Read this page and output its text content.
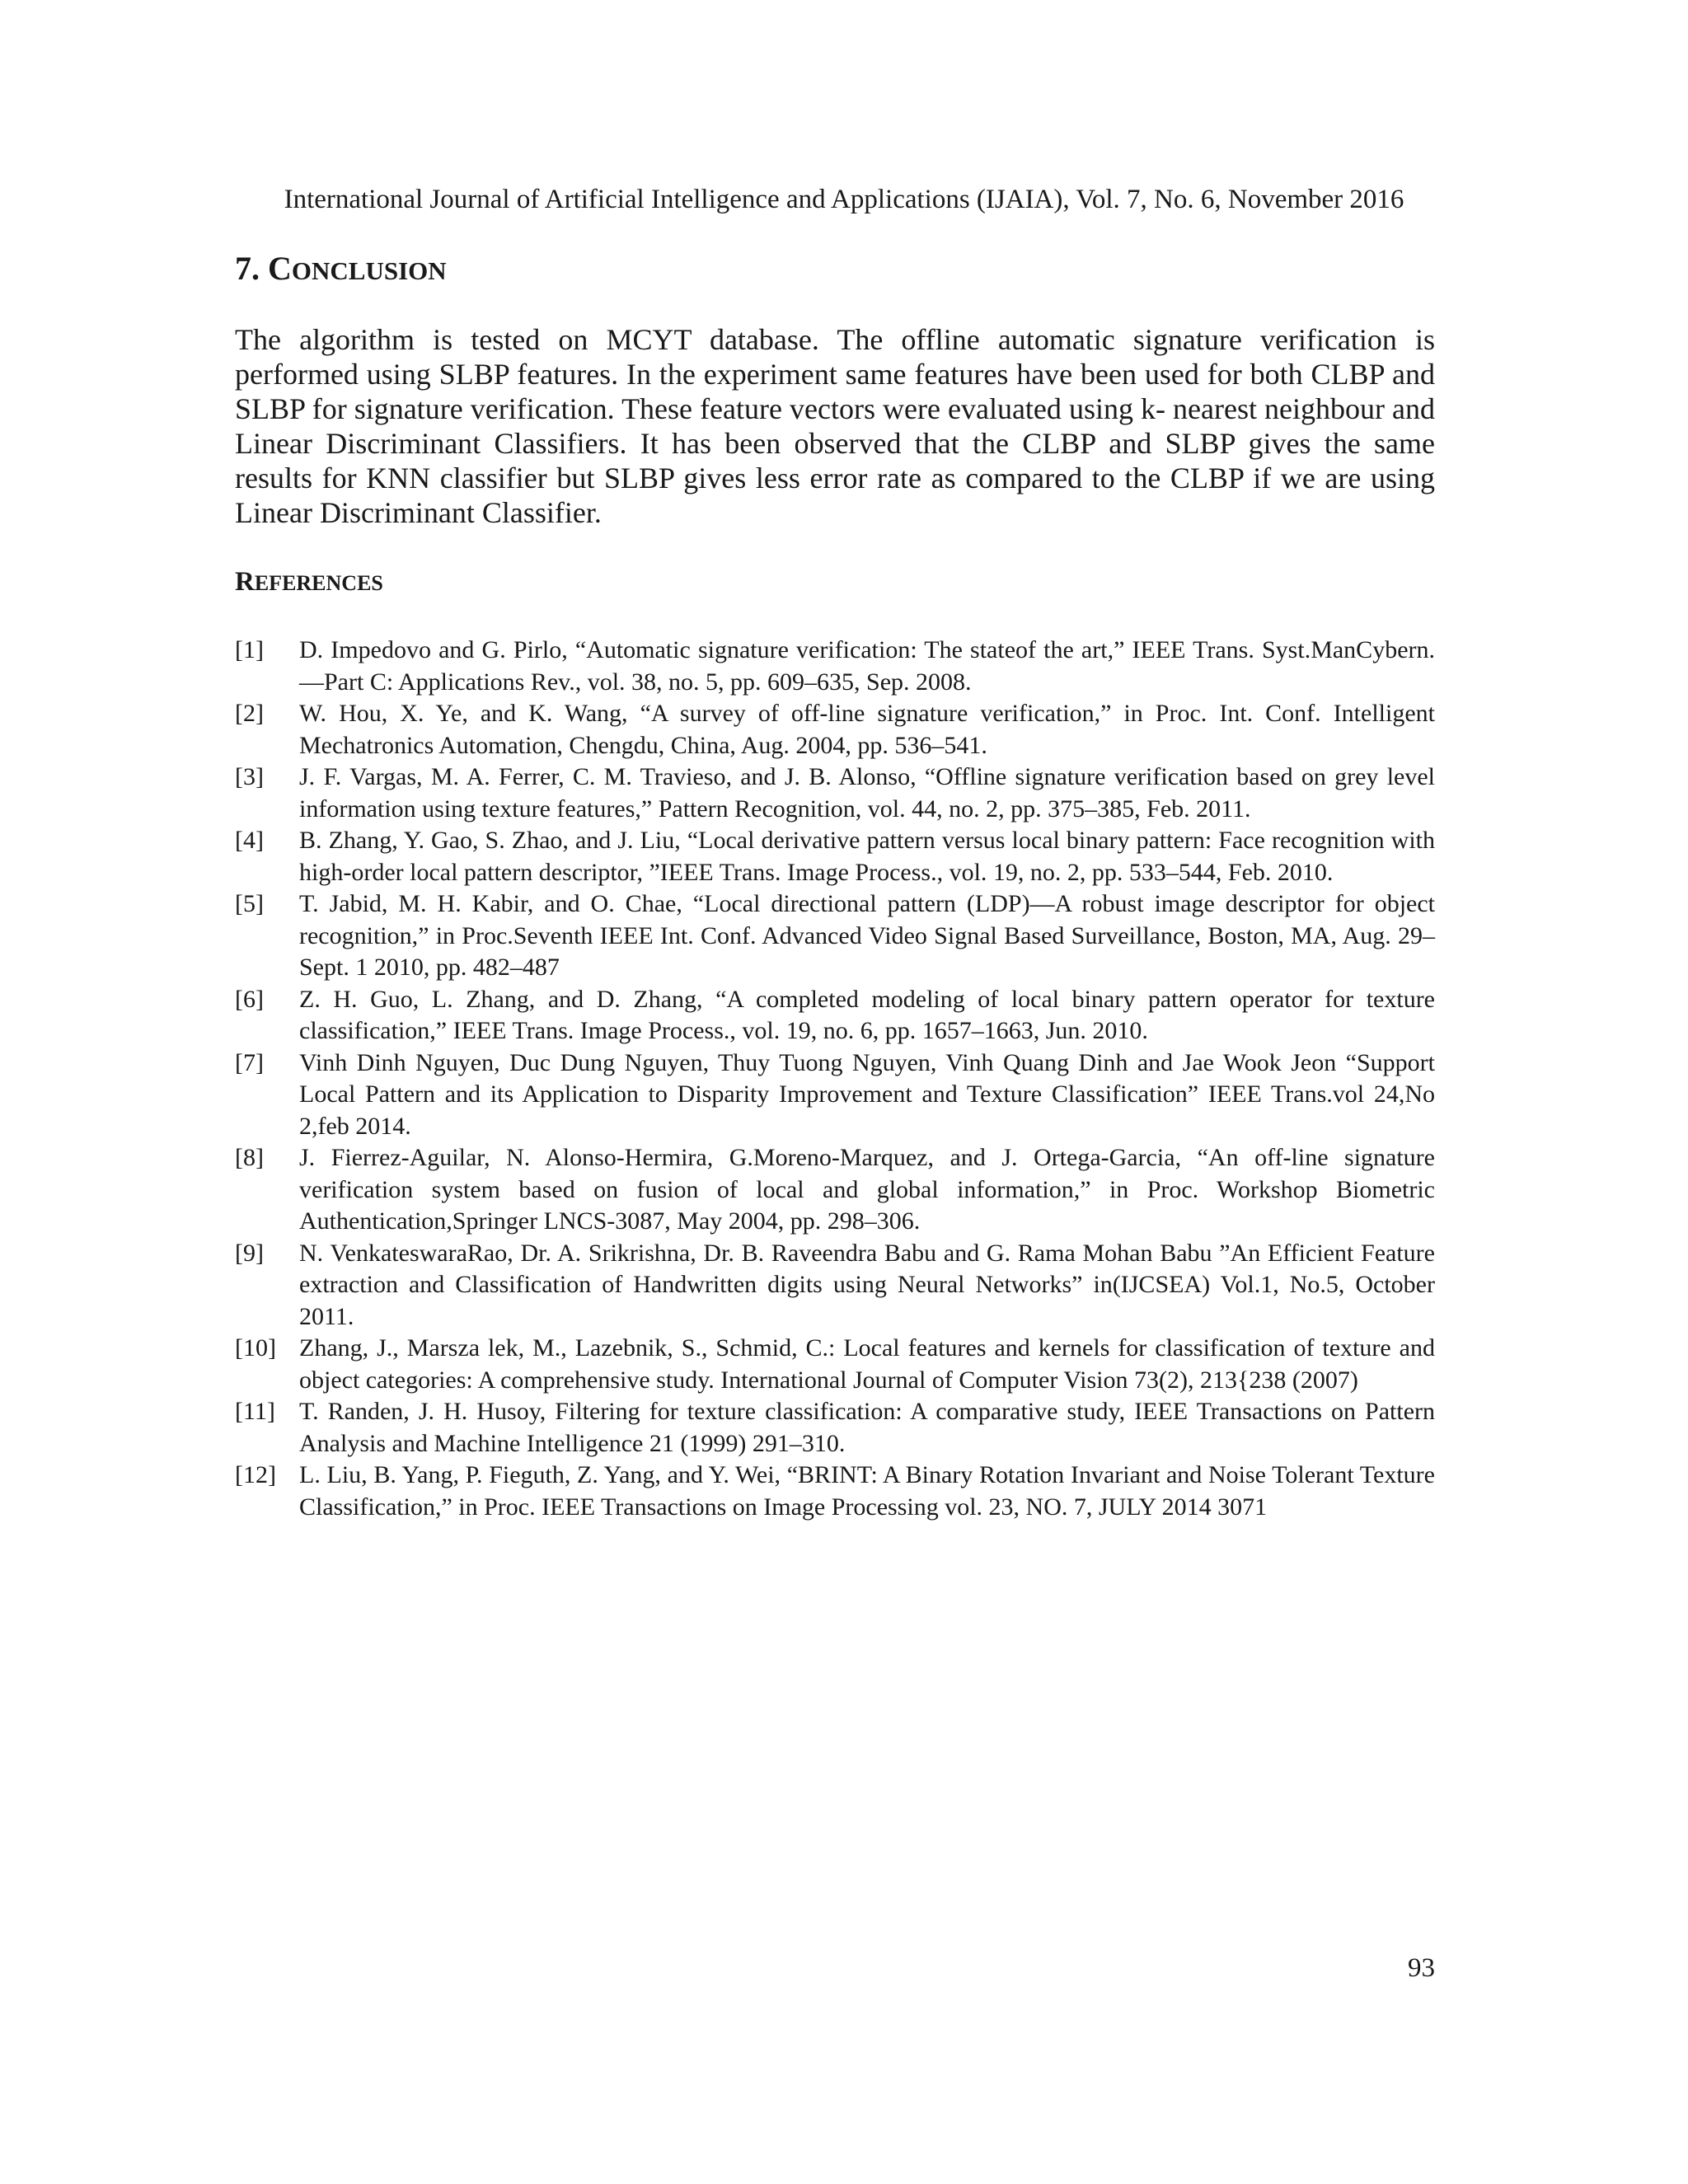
International Journal of Artificial Intelligence and Applications (IJAIA), Vol. 7, No. 6, November 2016
7. CONCLUSION

The algorithm is tested on MCYT database. The offline automatic signature verification is performed using SLBP features. In the experiment same features have been used for both CLBP and SLBP for signature verification. These feature vectors were evaluated using k- nearest neighbour and Linear Discriminant Classifiers. It has been observed that the CLBP and SLBP gives the same results for KNN classifier but SLBP gives less error rate as compared to the CLBP if we are using Linear Discriminant Classifier.

REFERENCES
[1]	D. Impedovo and G. Pirlo, “Automatic signature verification: The stateof the art,” IEEE Trans. Syst.ManCybern.—Part C: Applications Rev., vol. 38, no. 5, pp. 609–635, Sep. 2008.
[2]	W. Hou, X. Ye, and K. Wang, “A survey of off-line signature verification,” in Proc. Int. Conf. Intelligent Mechatronics Automation, Chengdu, China, Aug. 2004, pp. 536–541.
[3]	J. F. Vargas, M. A. Ferrer, C. M. Travieso, and J. B. Alonso, “Offline signature verification based on grey level information using texture features,” Pattern Recognition, vol. 44, no. 2, pp. 375–385, Feb. 2011.
[4]	B. Zhang, Y. Gao, S. Zhao, and J. Liu, “Local derivative pattern versus local binary pattern: Face recognition with high-order local pattern descriptor, ”IEEE Trans. Image Process., vol. 19, no. 2, pp. 533–544, Feb. 2010.
[5]	T. Jabid, M. H. Kabir, and O. Chae, “Local directional pattern (LDP)—A robust image descriptor for object recognition,” in Proc.Seventh IEEE Int. Conf. Advanced Video Signal Based Surveillance, Boston, MA, Aug. 29–Sept. 1 2010, pp. 482–487
[6]	Z. H. Guo, L. Zhang, and D. Zhang, “A completed modeling of local binary pattern operator for texture classification,” IEEE Trans. Image Process., vol. 19, no. 6, pp. 1657–1663, Jun. 2010.
[7]	Vinh Dinh Nguyen, Duc Dung Nguyen, Thuy Tuong Nguyen, Vinh Quang Dinh and Jae Wook Jeon “Support Local Pattern and its Application to Disparity Improvement and Texture Classification” IEEE Trans.vol 24,No 2,feb 2014.
[8]	J. Fierrez-Aguilar, N. Alonso-Hermira, G.Moreno-Marquez, and J. Ortega-Garcia, “An off-line signature verification system based on fusion of local and global information,” in Proc. Workshop Biometric Authentication,Springer LNCS-3087, May 2004, pp. 298–306.
[9]	N. VenkateswaraRao, Dr. A. Srikrishna, Dr. B. Raveendra Babu and G. Rama Mohan Babu ”An Efficient Feature extraction and Classification of Handwritten digits using Neural Networks” in(IJCSEA) Vol.1, No.5, October 2011.
[10] Zhang, J., Marsza lek, M., Lazebnik, S., Schmid, C.: Local features and kernels for classification of texture and object categories: A comprehensive study. International Journal of Computer Vision 73(2), 213{238 (2007)
[11] T. Randen, J. H. Husoy, Filtering for texture classification: A comparative study, IEEE Transactions on Pattern Analysis and Machine Intelligence 21 (1999) 291–310.
[12] L. Liu, B. Yang, P. Fieguth, Z. Yang, and Y. Wei, “BRINT: A Binary Rotation Invariant and Noise Tolerant Texture Classification,” in Proc. IEEE Transactions on Image Processing vol. 23, NO. 7, JULY 2014 3071
93
